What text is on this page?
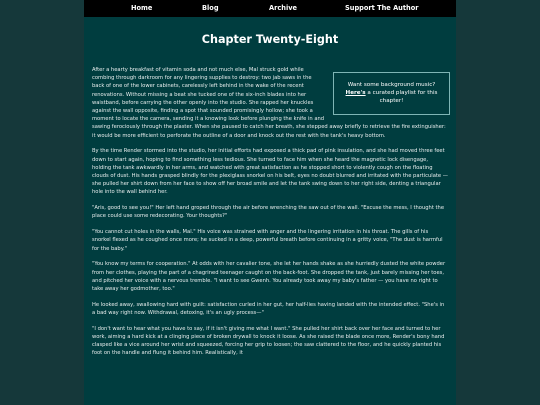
Home	Blog	Archive	Support The Author
Chapter Twenty-Eight
Want some background music? Here's a curated playlist for this chapter!

After a hearty breakfast of vitamin soda and not much else, Mal struck gold while combing through darkroom for any lingering supplies to destroy: two jab saws in the back of one of the lower cabinets, carelessly left behind in the wake of the recent renovations. Without missing a beat she tucked one of the six-inch blades into her waistband, before carrying the other openly into the studio. She rapped her knuckles against the wall opposite, finding a spot that sounded promisingly hollow; she took a moment to locate the camera, sending it a knowing look before plunging the knife in and sawing ferociously through the plaster. When she paused to catch her breath, she stepped away briefly to retrieve the fire extinguisher: it would be more efficient to perforate the outline of a door and knock out the rest with the tank's heavy bottom.

By the time Render stormed into the studio, her initial efforts had exposed a thick pad of pink insulation, and she had moved three feet down to start again, hoping to find something less tedious. She turned to face him when she heard the magnetic lock disengage, holding the tank awkwardly in her arms, and watched with great satisfaction as he stopped short to violently cough on the floating clouds of dust. His hands grasped blindly for the plexiglass snorkel on his belt, eyes no doubt blurred and irritated with the particulate — she pulled her shirt down from her face to show off her broad smile and let the tank swing down to her right side, denting a triangular hole into the wall behind her.

"Aris, good to see you!" Her left hand groped through the air before wrenching the saw out of the wall. "Excuse the mess, I thought the place could use some redecorating. Your thoughts?"

"You cannot cut holes in the walls, Mal." His voice was strained with anger and the lingering irritation in his throat. The gills of his snorkel flexed as he coughed once more; he sucked in a deep, powerful breath before continuing in a gritty voice, "The dust is harmful for the baby."

"You know my terms for cooperation." At odds with her cavalier tone, she let her hands shake as she hurriedly dusted the white powder from her clothes, playing the part of a chagrined teenager caught on the back-foot. She dropped the tank, just barely missing her toes, and pitched her voice with a nervous tremble. "I want to see Gwenh. You already took away my baby's father — you have no right to take away her godmother, too."

He looked away, swallowing hard with guilt: satisfaction curled in her gut, her half-lies having landed with the intended effect. "She's in a bad way right now. Withdrawal, detoxing, it's an ugly process—"

"I don't want to hear what you have to say, if it isn't giving me what I want." She pulled her shirt back over her face and turned to her work, aiming a hard kick at a clinging piece of broken drywall to knock it loose. As she raised the blade once more, Render's bony hand clasped like a vice around her wrist and squeezed, forcing her grip to loosen; the saw clattered to the floor, and he quickly planted his foot on the handle and flung it behind him. Realistically, it
